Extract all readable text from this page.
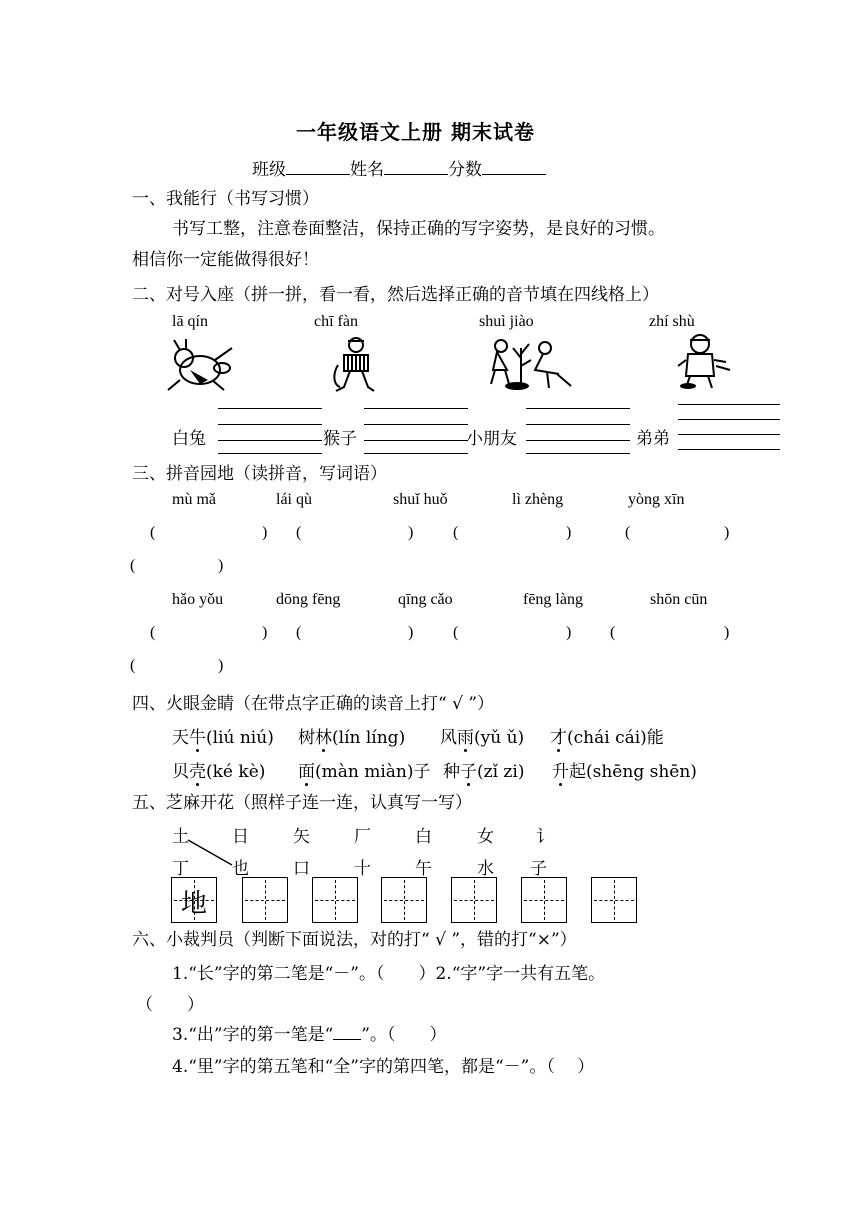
一年级语文上册 期末试卷
班级	姓名	分数
一、我能行（书写习惯）
书写工整，注意卷面整洁，保持正确的写字姿势，是良好的习惯。
相信你一定能做得很好！
二、对号入座（拼一拼，看一看，然后选择正确的音节填在四线格上）
lā qín	chī fàn	shuì jiào	zhí shù
白兔	猴子	小朋友	弟弟
三、拼音园地（读拼音，写词语）
mù mǎ	lái qù	shuǐ huǒ	lì zhèng	yòng xīn
(	) (	) (	)	(	)
(	)
hǎo yǒu	dōng fēng	qīng cǎo	fēng làng	shōn cūn
(	) (	) (	) (	)
(	)
四、火眼金睛（在带点字正确的读音上打“ √ ”）
天牛(liú niú) 树林(lín líng) 风雨(yǔ ǔ) 才(chái cái)能
贝壳(ké kè) 面(màn miàn)子 种子(zǐ zi) 升起(shēng shēn)
五、芝麻开花（照样子连一连，认真写一写）
土	日	矢	厂	白	女 讠
丁	也	口	十	午	水 子
地
六、小裁判员（判断下面说法，对的打“ √ ”，错的打“×”）
1.“长”字的第二笔是“－”。（　　）2.“字”字一共有五笔。
（　　）
3.“出”字的第一笔是“ ”。（　　）
4.“里”字的第五笔和“全”字的第四笔，都是“－”。（　 ）
